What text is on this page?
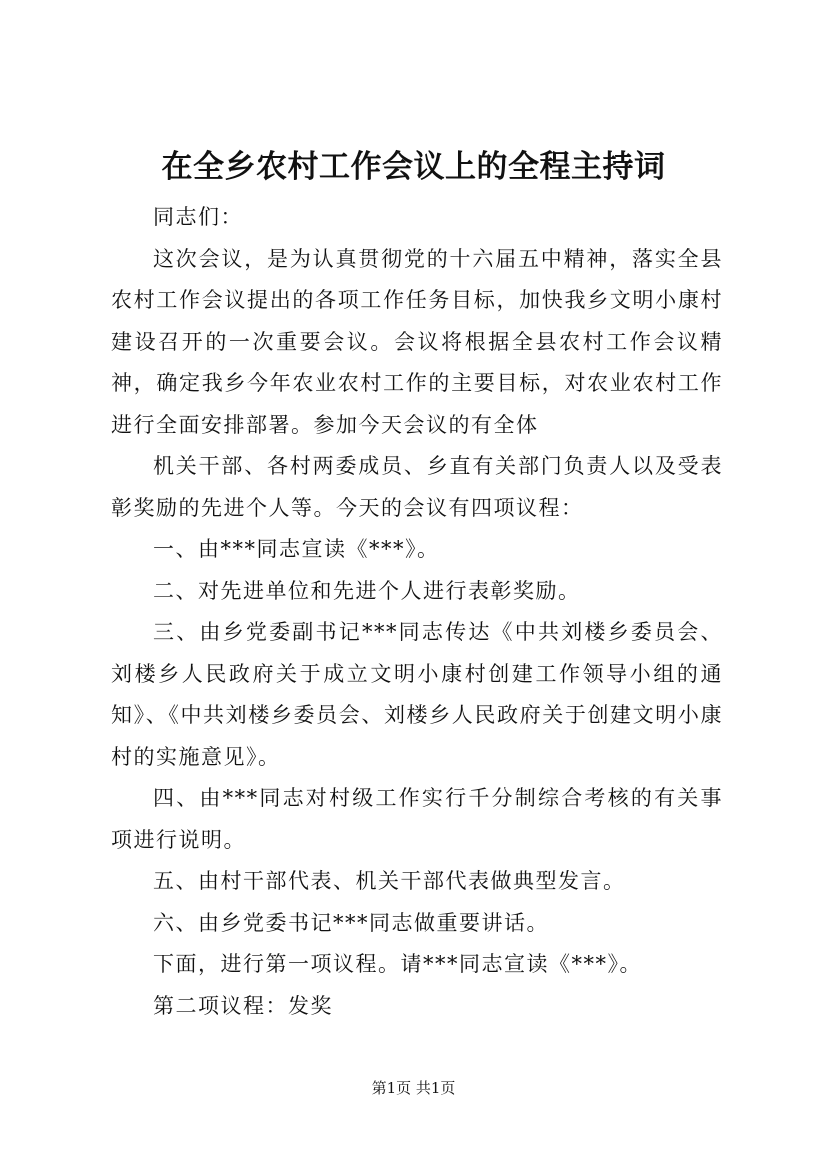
在全乡农村工作会议上的全程主持词

同志们：

这次会议，是为认真贯彻党的十六届五中精神，落实全县农村工作会议提出的各项工作任务目标，加快我乡文明小康村建设召开的一次重要会议。会议将根据全县农村工作会议精神，确定我乡今年农业农村工作的主要目标，对农业农村工作进行全面安排部署。参加今天会议的有全体

机关干部、各村两委成员、乡直有关部门负责人以及受表彰奖励的先进个人等。今天的会议有四项议程：

一、由***同志宣读《***》。

二、对先进单位和先进个人进行表彰奖励。

三、由乡党委副书记***同志传达《中共刘楼乡委员会、刘楼乡人民政府关于成立文明小康村创建工作领导小组的通知》、《中共刘楼乡委员会、刘楼乡人民政府关于创建文明小康村的实施意见》。

四、由***同志对村级工作实行千分制综合考核的有关事项进行说明。

五、由村干部代表、机关干部代表做典型发言。

六、由乡党委书记***同志做重要讲话。

下面，进行第一项议程。请***同志宣读《***》。

第二项议程：发奖

第1页 共1页
